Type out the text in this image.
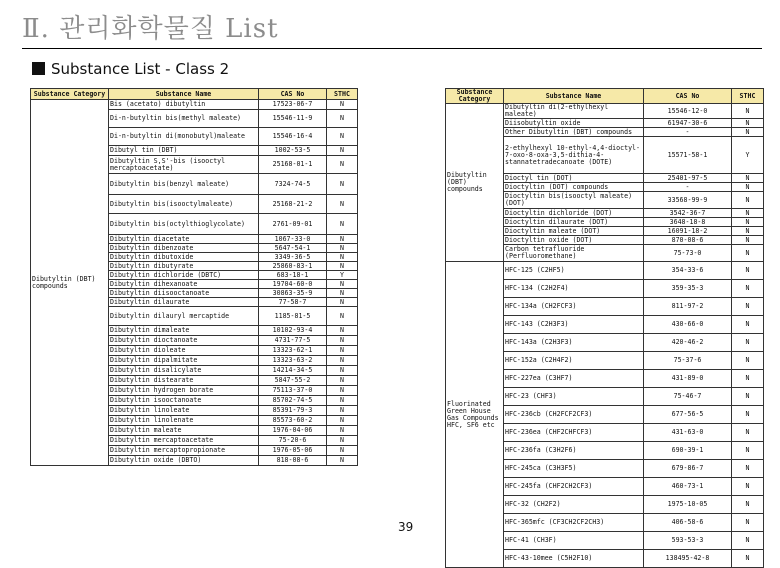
Ⅱ. 관리화학물질 List
Substance List - Class 2
Substance Category	Substance Name	CAS No	STHC
Dibutyltin (DBT) compounds	Bis (acetato) dibutyltin	17523-06-7	N
	Di-n-butyltin bis(methyl maleate)	15546-11-9	N
	Di-n-butyltin di(monobutyl)maleate	15546-16-4	N
	Dibutyl tin (DBT)	1002-53-5	N
	Dibutyltin S,S'-bis (isooctyl mercaptoacetate)	25168-01-1	N
	Dibutyltin bis(benzyl maleate)	7324-74-5	N
	Dibutyltin bis(isooctylmaleate)	25168-21-2	N
	Dibutyltin bis(octylthioglycolate)	2761-09-01	N
	Dibutyltin diacetate	1067-33-0	N
	Dibutyltin dibenzoate	5647-54-1	N
	Dibutyltin dibutoxide	3349-36-5	N
	Dibutyltin dibutyrate	25860-83-1	N
	Dibutyltin dichloride (DBTC)	683-18-1	Y
	Dibutyltin dihexanoate	19704-60-0	N
	Dibutyltin diisooctanoate	30863-35-9	N
	Dibutyltin dilaurate	77-58-7	N
	Dibutyltin dilauryl mercaptide	1185-81-5	N
	Dibutyltin dimaleate	10102-93-4	N
	Dibutyltin dioctanoate	4731-77-5	N
	Dibutyltin dioleate	13323-62-1	N
	Dibutyltin dipalmitate	13323-63-2	N
	Dibutyltin disalicylate	14214-34-5	N
	Dibutyltin distearate	5847-55-2	N
	Dibutyltin hydrogen borate	75113-37-0	N
	Dibutyltin isooctanoate	85702-74-5	N
	Dibutyltin linoleate	85391-79-3	N
	Dibutyltin linolenate	85573-60-2	N
	Dibutyltin maleate	1976-04-06	N
	Dibutyltin mercaptoacetate	75-20-6	N
	Dibutyltin mercaptopropionate	1976-05-06	N
	Dibutyltin oxide (DBTO)	818-08-6	N
Substance Category	Substance Name	CAS No	STHC
Dibutyltin (DBT) compounds	Dibutyltin di(2-ethylhexyl maleate)	15546-12-0	N
	Diisobutyltin oxide	61947-30-6	N
	Other Dibutyltin (DBT) compounds	-	N
	2-ethylhexyl 10-ethyl-4,4-dioctyl-7-oxo-8-oxa-3,5-dithia-4-stannatetradecanoate (DOTE)	15571-58-1	Y
	Dioctyl tin (DOT)	25401-97-5	N
	Dioctyltin (DOT) compounds	-	N
	Dioctyltin bis(isooctyl maleate) (DOT)	33568-99-9	N
	Dioctyltin dichloride (DOT)	3542-36-7	N
	Dioctyltin dilaurate (DOT)	3648-18-8	N
	Dioctyltin maleate (DOT)	16091-18-2	N
	Dioctyltin oxide (DOT)	870-08-6	N
	Carbon tetrafluoride (Perfluoromethane)	75-73-0	N
Fluorinated Green House Gas Compounds HFC, SF6 etc	HFC-125 (C2HF5)	354-33-6	N
	HFC-134 (C2H2F4)	359-35-3	N
	HFC-134a (CH2FCF3)	811-97-2	N
	HFC-143 (C2H3F3)	430-66-0	N
	HFC-143a (C2H3F3)	420-46-2	N
	HFC-152a (C2H4F2)	75-37-6	N
	HFC-227ea (C3HF7)	431-89-0	N
	HFC-23 (CHF3)	75-46-7	N
	HFC-236cb (CH2FCF2CF3)	677-56-5	N
	HFC-236ea (CHF2CHFCF3)	431-63-0	N
	HFC-236fa (C3H2F6)	690-39-1	N
	HFC-245ca (C3H3F5)	679-86-7	N
	HFC-245fa (CHF2CH2CF3)	460-73-1	N
	HFC-32 (CH2F2)	1975-10-05	N
	HFC-365mfc (CF3CH2CF2CH3)	406-58-6	N
	HFC-41 (CH3F)	593-53-3	N
	HFC-43-10mee (C5H2F10)	138495-42-8	N
39
